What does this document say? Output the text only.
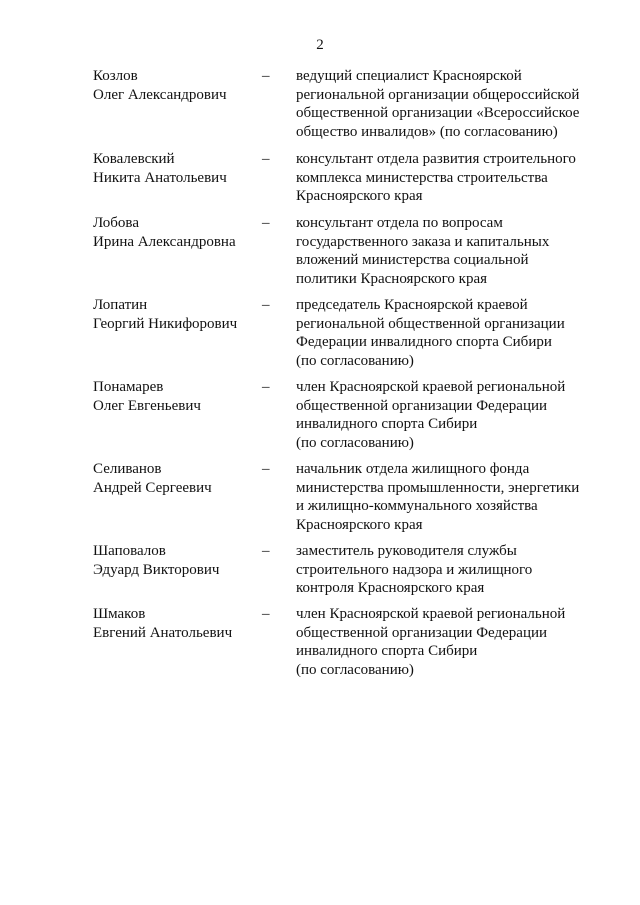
2
Козлов
Олег Александрович
– ведущий специалист Красноярской
региональной организации общероссийской
общественной организации «Всероссийское
общество инвалидов» (по согласованию)
Ковалевский
Никита Анатольевич
– консультант отдела развития строительного
комплекса министерства строительства
Красноярского края
Лобова
Ирина Александровна
– консультант отдела по вопросам
государственного заказа и капитальных
вложений министерства социальной
политики Красноярского края
Лопатин
Георгий Никифорович
– председатель Красноярской краевой
региональной общественной организации
Федерации инвалидного спорта Сибири
(по согласованию)
Понамарев
Олег Евгеньевич
– член Красноярской краевой региональной
общественной организации Федерации
инвалидного спорта Сибири
(по согласованию)
Селиванов
Андрей Сергеевич
– начальник отдела жилищного фонда
министерства промышленности, энергетики
и жилищно-коммунального хозяйства
Красноярского края
Шаповалов
Эдуард Викторович
– заместитель руководителя службы
строительного надзора и жилищного
контроля Красноярского края
Шмаков
Евгений Анатольевич
– член Красноярской краевой региональной
общественной организации Федерации
инвалидного спорта Сибири
(по согласованию)
